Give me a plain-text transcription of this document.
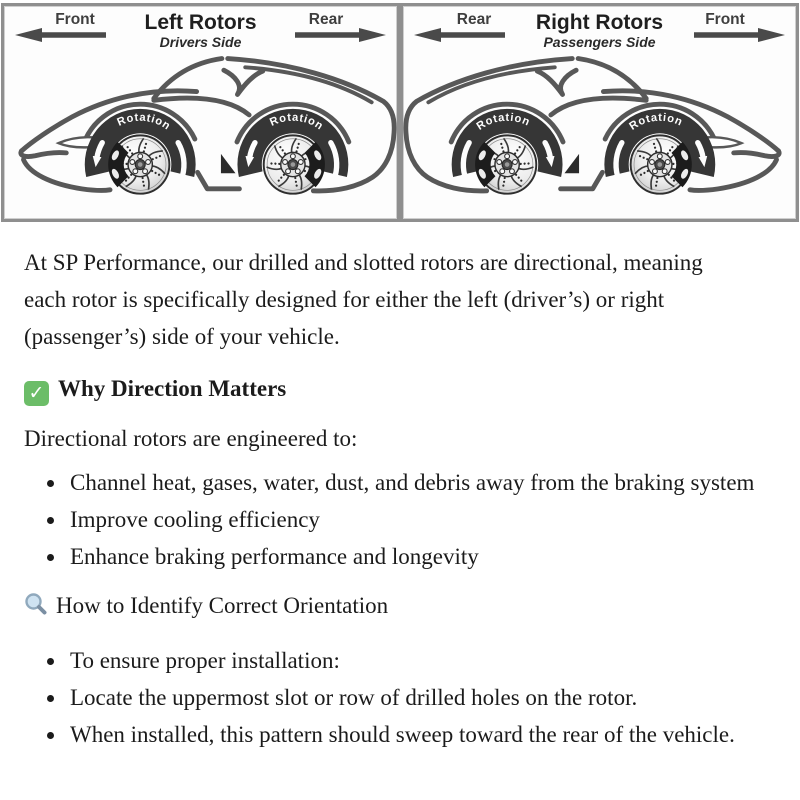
Rotation	Rotation
Front	Left Rotors
Drivers Side
Rear
Rotation	Rotation
Rear	Right Rotors
Passengers Side
Front

At SP Performance, our drilled and slotted rotors are directional, meaning each rotor is specifically designed for either the left (driver’s) or right (passenger’s) side of your vehicle.

✓ Why Direction Matters

Directional rotors are engineered to:

• Channel heat, gases, water, dust, and debris away from the braking system
• Improve cooling efficiency
• Enhance braking performance and longevity
How to Identify Correct Orientation
• To ensure proper installation:
• Locate the uppermost slot or row of drilled holes on the rotor.
• When installed, this pattern should sweep toward the rear of the vehicle.
